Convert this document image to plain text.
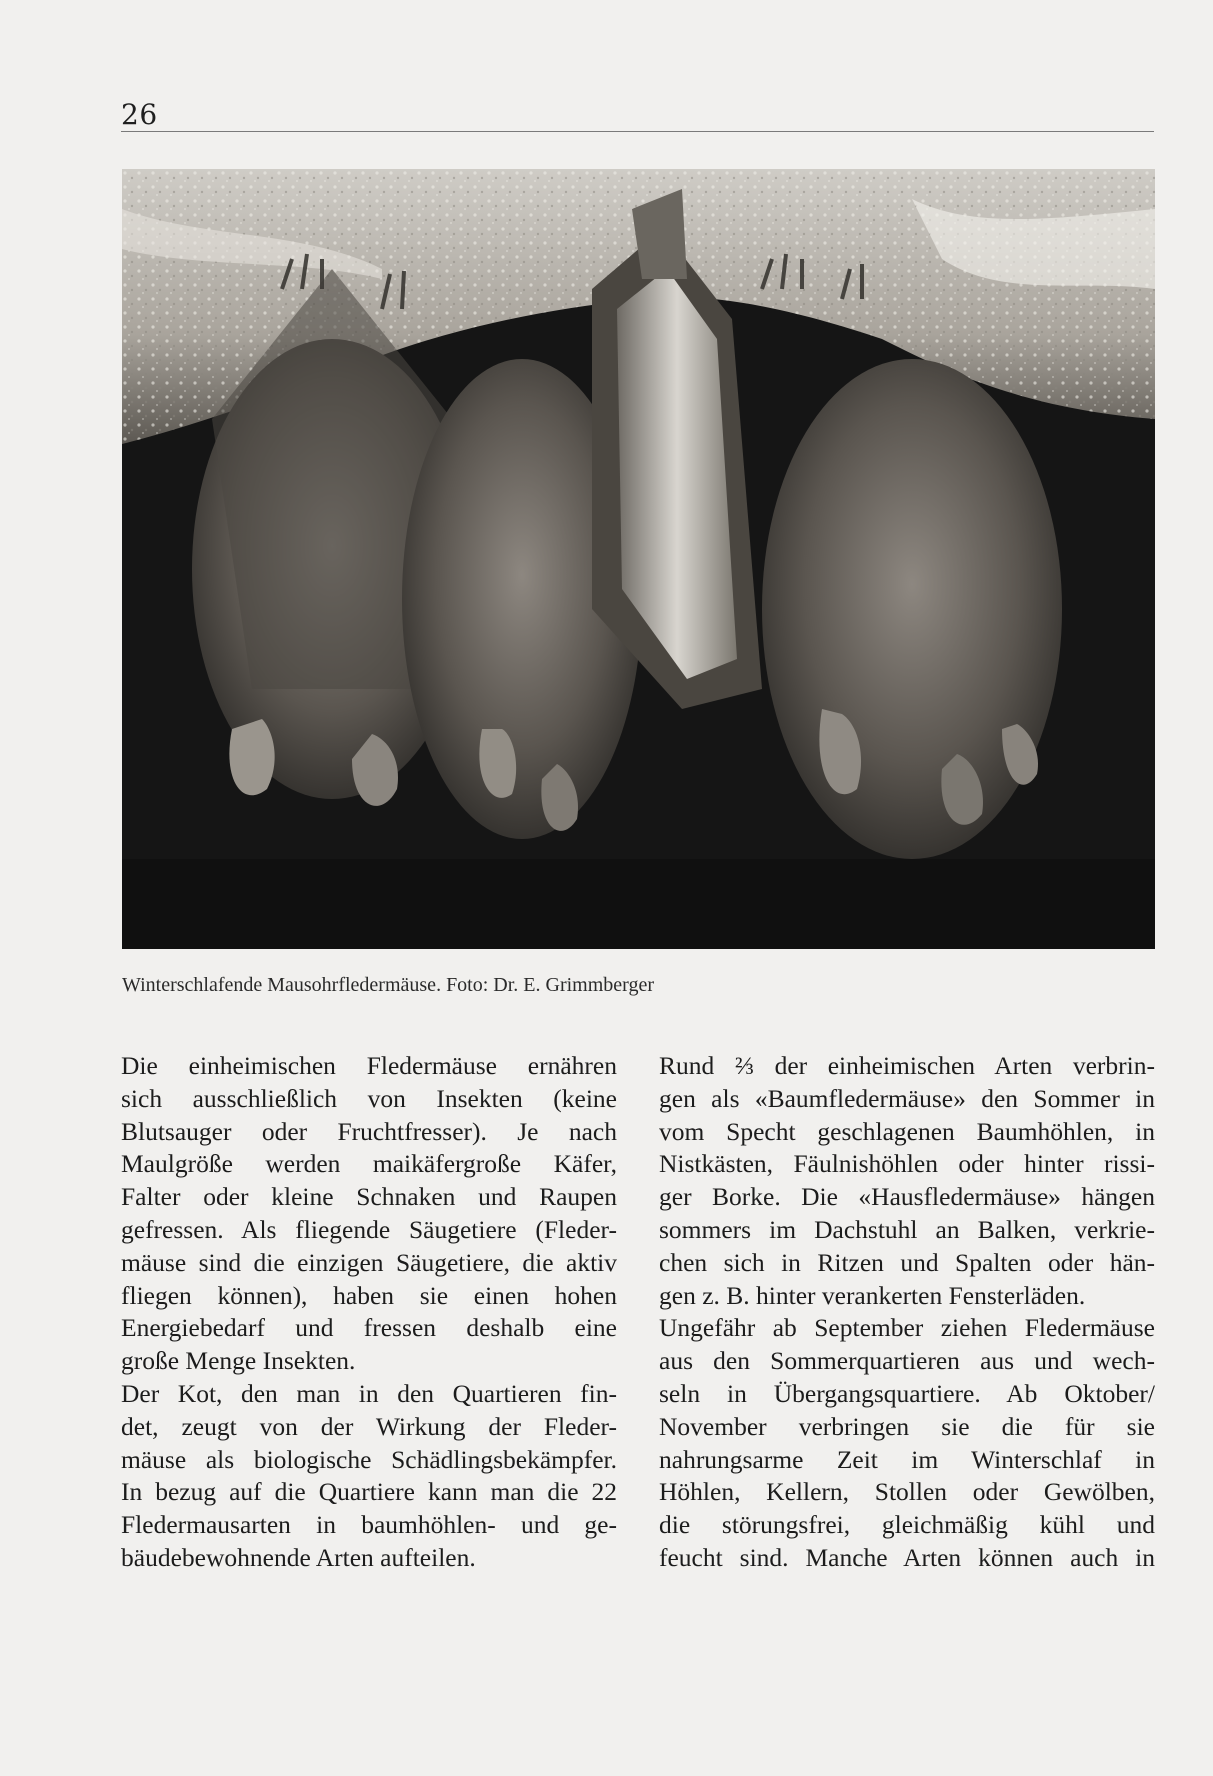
26
Winterschlafende Mausohrfledermäuse. Foto: Dr. E. Grimmberger
Die einheimischen Fledermäuse ernähren
sich ausschließlich von Insekten (keine
Blutsauger oder Fruchtfresser). Je nach
Maulgröße werden maikäfergroße Käfer,
Falter oder kleine Schnaken und Raupen
gefressen. Als fliegende Säugetiere (Fleder-
mäuse sind die einzigen Säugetiere, die aktiv
fliegen können), haben sie einen hohen
Energiebedarf und fressen deshalb eine
große Menge Insekten.
Der Kot, den man in den Quartieren fin-
det, zeugt von der Wirkung der Fleder-
mäuse als biologische Schädlingsbekämpfer.
In bezug auf die Quartiere kann man die 22
Fledermausarten in baumhöhlen- und ge-
bäudebewohnende Arten aufteilen.
Rund ⅔ der einheimischen Arten verbrin-
gen als «Baumfledermäuse» den Sommer in
vom Specht geschlagenen Baumhöhlen, in
Nistkästen, Fäulnishöhlen oder hinter rissi-
ger Borke. Die «Hausfledermäuse» hängen
sommers im Dachstuhl an Balken, verkrie-
chen sich in Ritzen und Spalten oder hän-
gen z. B. hinter verankerten Fensterläden.
Ungefähr ab September ziehen Fledermäuse
aus den Sommerquartieren aus und wech-
seln in Übergangsquartiere. Ab Oktober/
November verbringen sie die für sie
nahrungsarme Zeit im Winterschlaf in
Höhlen, Kellern, Stollen oder Gewölben,
die störungsfrei, gleichmäßig kühl und
feucht sind. Manche Arten können auch in
